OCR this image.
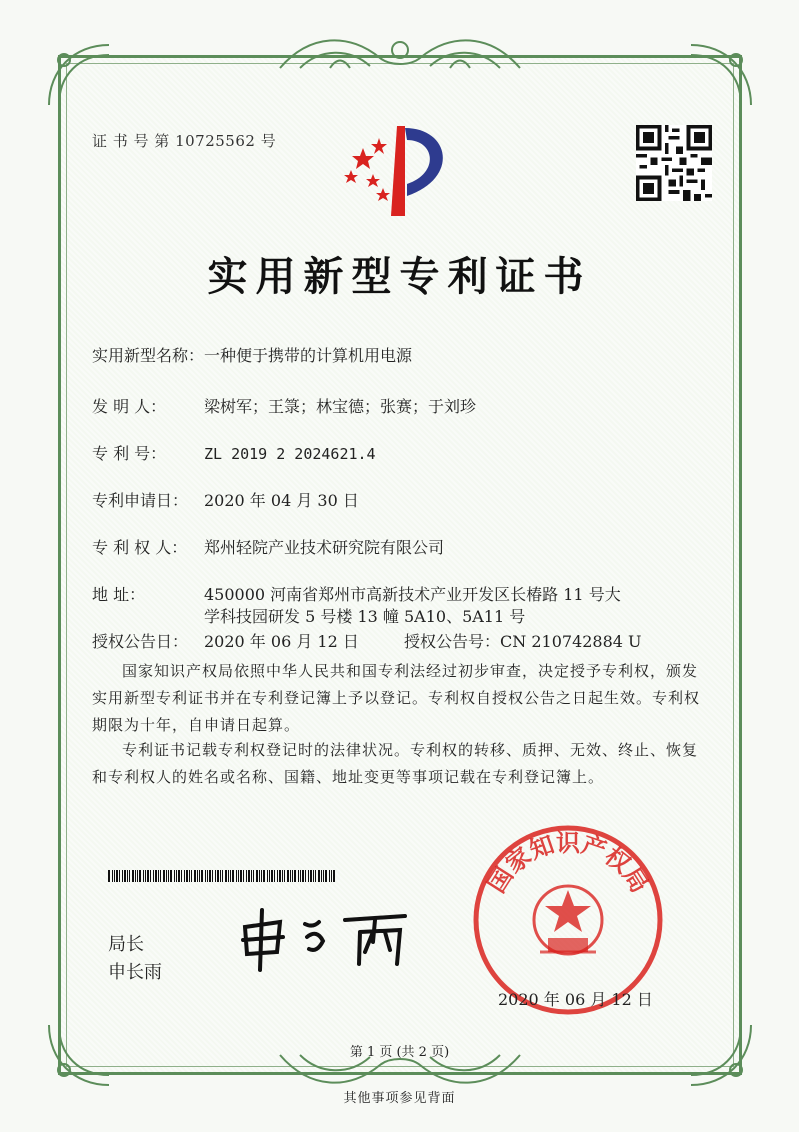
证 书 号 第 10725562 号
实用新型专利证书
实用新型名称：一种便于携带的计算机用电源
发 明 人： 梁树军；王箓；林宝德；张赛；于刘珍
专 利 号：	ZL 2019 2 2024621.4
专利申请日： 2020 年 04 月 30 日
专 利 权 人： 郑州轻院产业技术研究院有限公司
地 址：	450000 河南省郑州市高新技术产业开发区长椿路 11 号大
学科技园研发 5 号楼 13 幢 5A10、5A11 号
授权公告日： 2020 年 06 月 12 日	授权公告号：CN 210742884 U
国家知识产权局依照中华人民共和国专利法经过初步审查，决定授予专利权，颁发实用新型专利证书并在专利登记簿上予以登记。专利权自授权公告之日起生效。专利权期限为十年，自申请日起算。
专利证书记载专利权登记时的法律状况。专利权的转移、质押、无效、终止、恢复和专利权人的姓名或名称、国籍、地址变更等事项记载在专利登记簿上。
局长
申长雨
国家知识产权局
2020 年 06 月 12 日
第 1 页 (共 2 页)
其他事项参见背面
